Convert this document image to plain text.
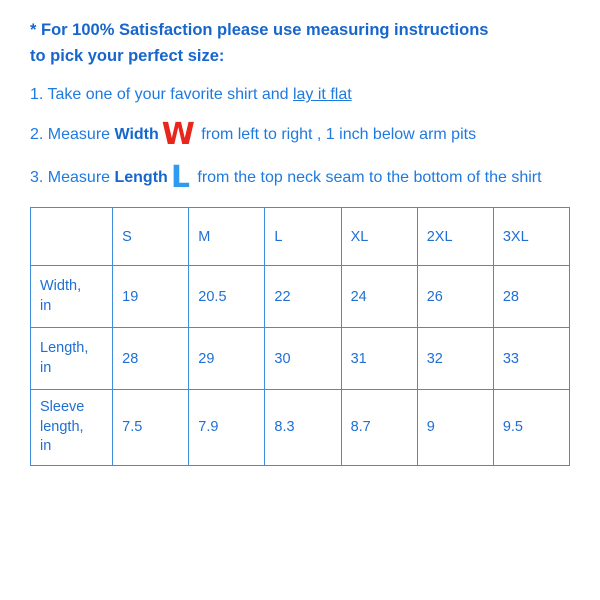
* For 100% Satisfaction please use measuring instructions
to pick your perfect size:

1. Take one of your favorite shirt and lay it flat

2. Measure Width W from left to right , 1 inch below arm pits

3. Measure Length L from the top neck seam to the bottom of the shirt

	S	M	L	XL	2XL	3XL
Width,
in	19	20.5	22	24	26	28
Length,
in	28	29	30	31	32	33
Sleeve
length,
in	7.5	7.9	8.3	8.7	9	9.5
